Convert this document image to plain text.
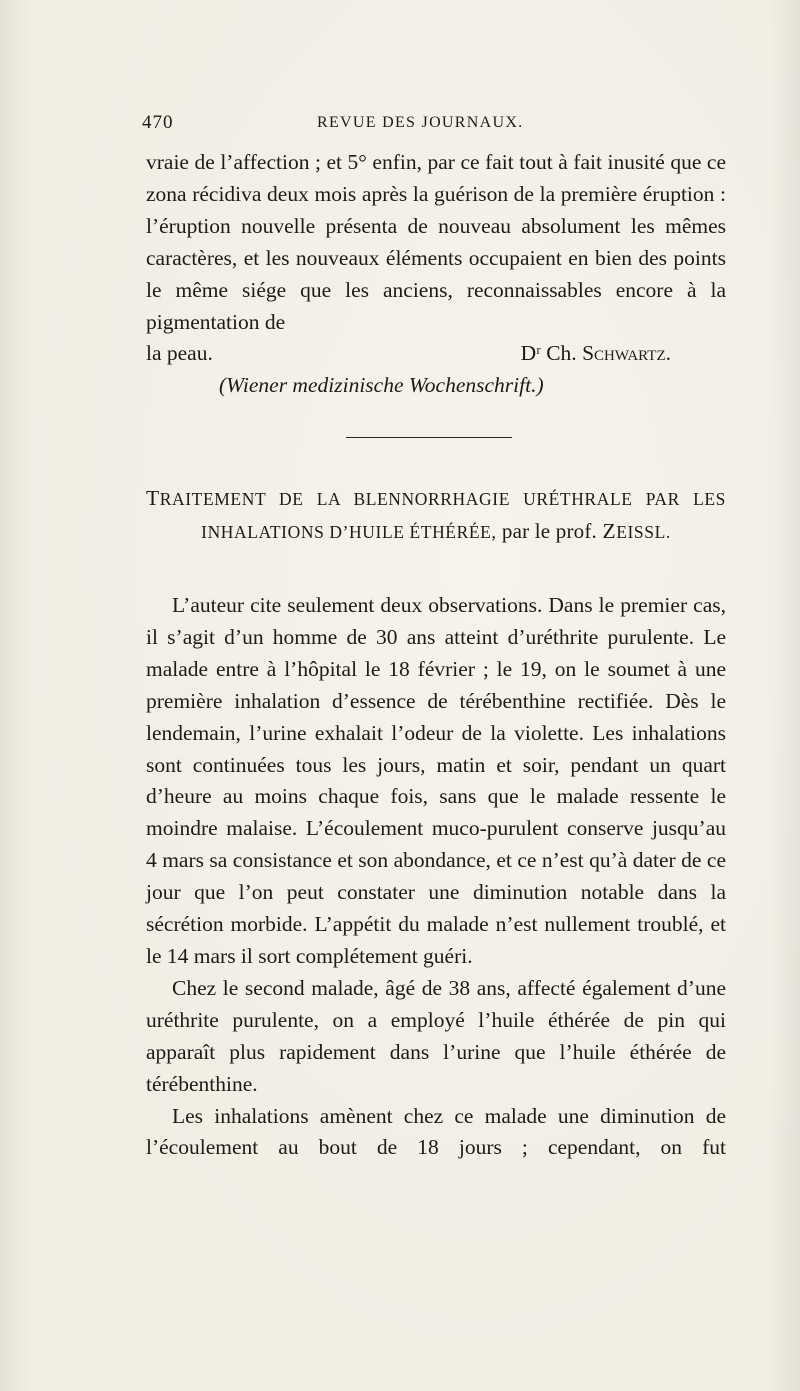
470	REVUE DES JOURNAUX.

vraie de l’affection ; et 5° enfin, par ce fait tout à fait inusité que ce zona récidiva deux mois après la guérison de la première éruption : l’éruption nouvelle présenta de nouveau absolument les mêmes caractères, et les nouveaux éléments occupaient en bien des points le même siége que les anciens, reconnaissables encore à la pigmentation de

la peau.	Dʳ Ch. Schwartz.
(Wiener medizinische Wochenschrift.)
TRAITEMENT DE LA BLENNORRHAGIE URÉTHRALE PAR LES INHALATIONS D’HUILE ÉTHÉRÉE, par le prof. ZEISSL.

L’auteur cite seulement deux observations. Dans le premier cas, il s’agit d’un homme de 30 ans atteint d’uréthrite purulente. Le malade entre à l’hôpital le 18 février ; le 19, on le soumet à une première inhalation d’essence de térébenthine rectifiée. Dès le lendemain, l’urine exhalait l’odeur de la violette. Les inhalations sont continuées tous les jours, matin et soir, pendant un quart d’heure au moins chaque fois, sans que le malade ressente le moindre malaise. L’écoulement muco-purulent conserve jusqu’au 4 mars sa consistance et son abondance, et ce n’est qu’à dater de ce jour que l’on peut constater une diminution notable dans la sécrétion morbide. L’appétit du malade n’est nullement troublé, et le 14 mars il sort complétement guéri.

Chez le second malade, âgé de 38 ans, affecté également d’une uréthrite purulente, on a employé l’huile éthérée de pin qui apparaît plus rapidement dans l’urine que l’huile éthérée de térébenthine.

Les inhalations amènent chez ce malade une diminution de l’écoulement au bout de 18 jours ; cependant, on fut
